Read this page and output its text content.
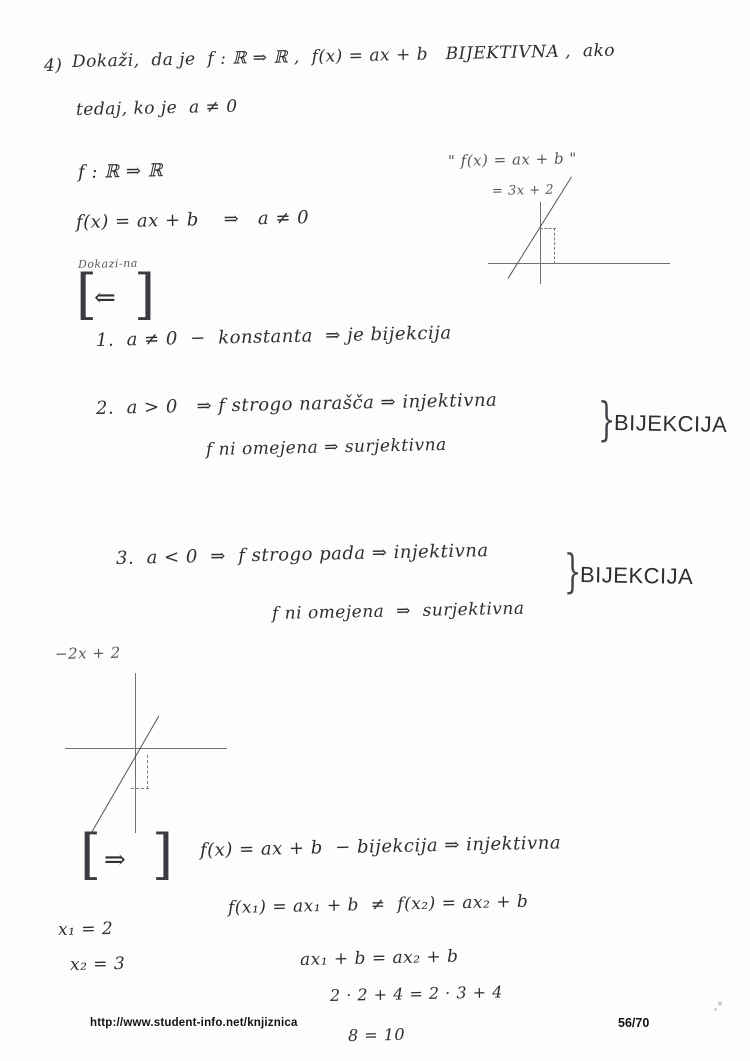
4) Dokaži,  da je  f : ℝ ⇒ ℝ ,  f(x) = ax + b   BIJEKTIVNA ,  ako
tedaj, ko je  a ≠ 0
f : ℝ ⇒ ℝ
f(x) = ax + b    ⇒   a ≠ 0
Dokazi-na
" f(x) = ax + b "
= 3x + 2
[
⇐ ]
1.  a ≠ 0  −  konstanta  ⇒ je bijekcija
2.  a > 0   ⇒ f strogo narašča ⇒ injektivna
f ni omejena ⇒ surjektivna
}
BIJEKCIJA
3.  a < 0  ⇒  f strogo pada ⇒ injektivna
f ni omejena  ⇒  surjektivna
}
BIJEKCIJA
−2x + 2
[ ⇒ ] f(x) = ax + b  − bijekcija ⇒ injektivna
f(x₁) = ax₁ + b  ≠  f(x₂) = ax₂ + b
ax₁ + b = ax₂ + b
2 · 2 + 4 = 2 · 3 + 4
8 = 10
x₁ = 2
x₂ = 3
http://www.student-info.net/knjiznica	56/70
